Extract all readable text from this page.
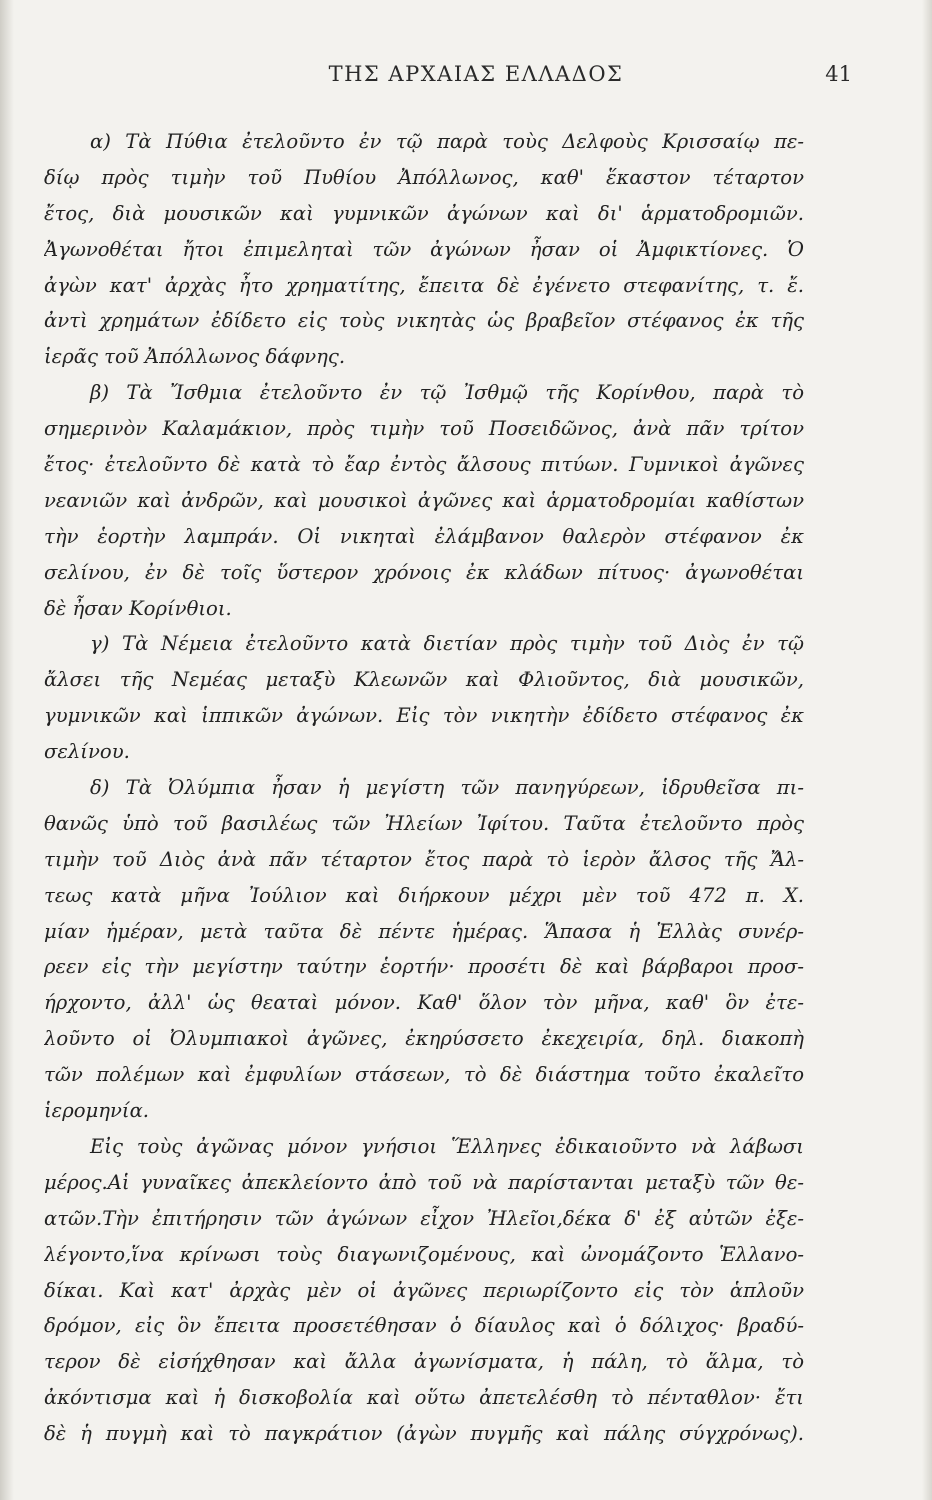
ΤΗΣ ΑΡΧΑΙΑΣ ΕΛΛΑΔΟΣ	41
α) Τὰ Πύθια ἐτελοῦντο ἐν τῷ παρὰ τοὺς Δελφοὺς Κρισσαίῳ πε-
δίῳ πρὸς τιμὴν τοῦ Πυθίου Ἀπόλλωνος, καθ' ἕκαστον τέταρτον
ἔτος, διὰ μουσικῶν καὶ γυμνικῶν ἀγώνων καὶ δι' ἁρματοδρομιῶν.
Ἀγωνοθέται ἤτοι ἐπιμεληταὶ τῶν ἀγώνων ἦσαν οἱ Ἀμφικτίονες. Ὁ
ἀγὼν κατ' ἀρχὰς ἦτο χρηματίτης, ἔπειτα δὲ ἐγένετο στεφανίτης, τ. ἔ.
ἀντὶ χρημάτων ἐδίδετο εἰς τοὺς νικητὰς ὡς βραβεῖον στέφανος ἐκ τῆς
ἱερᾶς τοῦ Ἀπόλλωνος δάφνης.
β) Τὰ Ἴσθμια ἐτελοῦντο ἐν τῷ Ἰσθμῷ τῆς Κορίνθου, παρὰ τὸ
σημερινὸν Καλαμάκιον, πρὸς τιμὴν τοῦ Ποσειδῶνος, ἀνὰ πᾶν τρίτον
ἔτος· ἐτελοῦντο δὲ κατὰ τὸ ἔαρ ἐντὸς ἄλσους πιτύων. Γυμνικοὶ ἀγῶνες
νεανιῶν καὶ ἀνδρῶν, καὶ μουσικοὶ ἀγῶνες καὶ ἁρματοδρομίαι καθίστων
τὴν ἑορτὴν λαμπράν. Οἱ νικηταὶ ἐλάμβανον θαλερὸν στέφανον ἐκ
σελίνου, ἐν δὲ τοῖς ὕστερον χρόνοις ἐκ κλάδων πίτυος· ἀγωνοθέται
δὲ ἦσαν Κορίνθιοι.
γ) Τὰ Νέμεια ἐτελοῦντο κατὰ διετίαν πρὸς τιμὴν τοῦ Διὸς ἐν τῷ
ἄλσει τῆς Νεμέας μεταξὺ Κλεωνῶν καὶ Φλιοῦντος, διὰ μουσικῶν,
γυμνικῶν καὶ ἱππικῶν ἀγώνων. Εἰς τὸν νικητὴν ἐδίδετο στέφανος ἐκ
σελίνου.
δ) Τὰ Ὀλύμπια ἦσαν ἡ μεγίστη τῶν πανηγύρεων, ἱδρυθεῖσα πι-
θανῶς ὑπὸ τοῦ βασιλέως τῶν Ἠλείων Ἰφίτου. Ταῦτα ἐτελοῦντο πρὸς
τιμὴν τοῦ Διὸς ἀνὰ πᾶν τέταρτον ἔτος παρὰ τὸ ἱερὸν ἄλσος τῆς Ἄλ-
τεως κατὰ μῆνα Ἰούλιον καὶ διήρκουν μέχρι μὲν τοῦ 472 π. Χ.
μίαν ἡμέραν, μετὰ ταῦτα δὲ πέντε ἡμέρας. Ἅπασα ἡ Ἑλλὰς συνέρ-
ρεεν εἰς τὴν μεγίστην ταύτην ἑορτήν· προσέτι δὲ καὶ βάρβαροι προσ-
ήρχοντο, ἀλλ' ὡς θεαταὶ μόνον. Καθ' ὅλον τὸν μῆνα, καθ' ὃν ἐτε-
λοῦντο οἱ Ὀλυμπιακοὶ ἀγῶνες, ἐκηρύσσετο ἐκεχειρία, δηλ. διακοπὴ
τῶν πολέμων καὶ ἐμφυλίων στάσεων, τὸ δὲ διάστημα τοῦτο ἐκαλεῖτο
ἱερομηνία.
Εἰς τοὺς ἀγῶνας μόνον γνήσιοι Ἕλληνες ἐδικαιοῦντο νὰ λάβωσι
μέρος.Αἱ γυναῖκες ἀπεκλείοντο ἀπὸ τοῦ νὰ παρίστανται μεταξὺ τῶν θε-
ατῶν.Τὴν ἐπιτήρησιν τῶν ἀγώνων εἶχον Ἠλεῖοι,δέκα δ' ἐξ αὐτῶν ἐξε-
λέγοντο,ἵνα κρίνωσι τοὺς διαγωνιζομένους, καὶ ὠνομάζοντο Ἑλλανο-
δίκαι. Καὶ κατ' ἀρχὰς μὲν οἱ ἀγῶνες περιωρίζοντο εἰς τὸν ἁπλοῦν
δρόμον, εἰς ὃν ἔπειτα προσετέθησαν ὁ δίαυλος καὶ ὁ δόλιχος· βραδύ-
τερον δὲ εἰσήχθησαν καὶ ἄλλα ἀγωνίσματα, ἡ πάλη, τὸ ἅλμα, τὸ
ἀκόντισμα καὶ ἡ δισκοβολία καὶ οὕτω ἀπετελέσθη τὸ πένταθλον· ἔτι
δὲ ἡ πυγμὴ καὶ τὸ παγκράτιον (ἀγὼν πυγμῆς καὶ πάλης σύγχρόνως).
